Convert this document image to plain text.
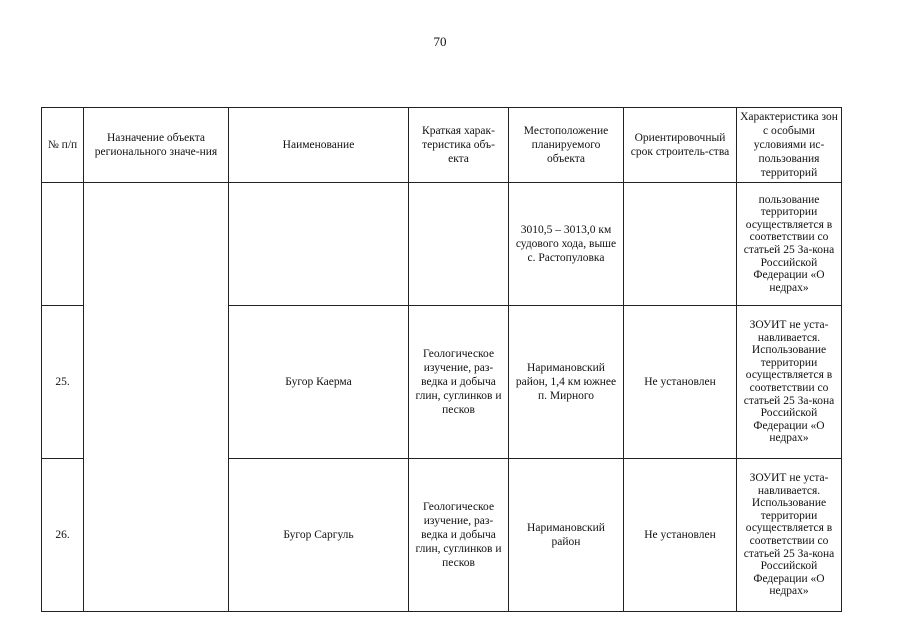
70
№ п/п	Назначение объекта регионального значе-ния	Наименование	Краткая харак-теристика объ-екта	Местоположение планируемого объекта	Ориентировочный срок строитель-ства	Характеристика зон с особыми условиями ис-пользования территорий
				3010,5 – 3013,0 км судового хода, выше с. Растопуловка		пользование территории осуществляется в соответствии со статьей 25 За-кона Российской Федерации «О недрах»
25.		Бугор Каерма	Геологическое изучение, раз-ведка и добыча глин, суглинков и песков	Наримановский район, 1,4 км южнее п. Мирного	Не установлен	ЗОУИТ не уста-навливается. Использование территории осуществляется в соответствии со статьей 25 За-кона Российской Федерации «О недрах»
26.		Бугор Саргуль	Геологическое изучение, раз-ведка и добыча глин, суглинков и песков	Наримановский район	Не установлен	ЗОУИТ не уста-навливается. Использование территории осуществляется в соответствии со статьей 25 За-кона Российской Федерации «О недрах»
